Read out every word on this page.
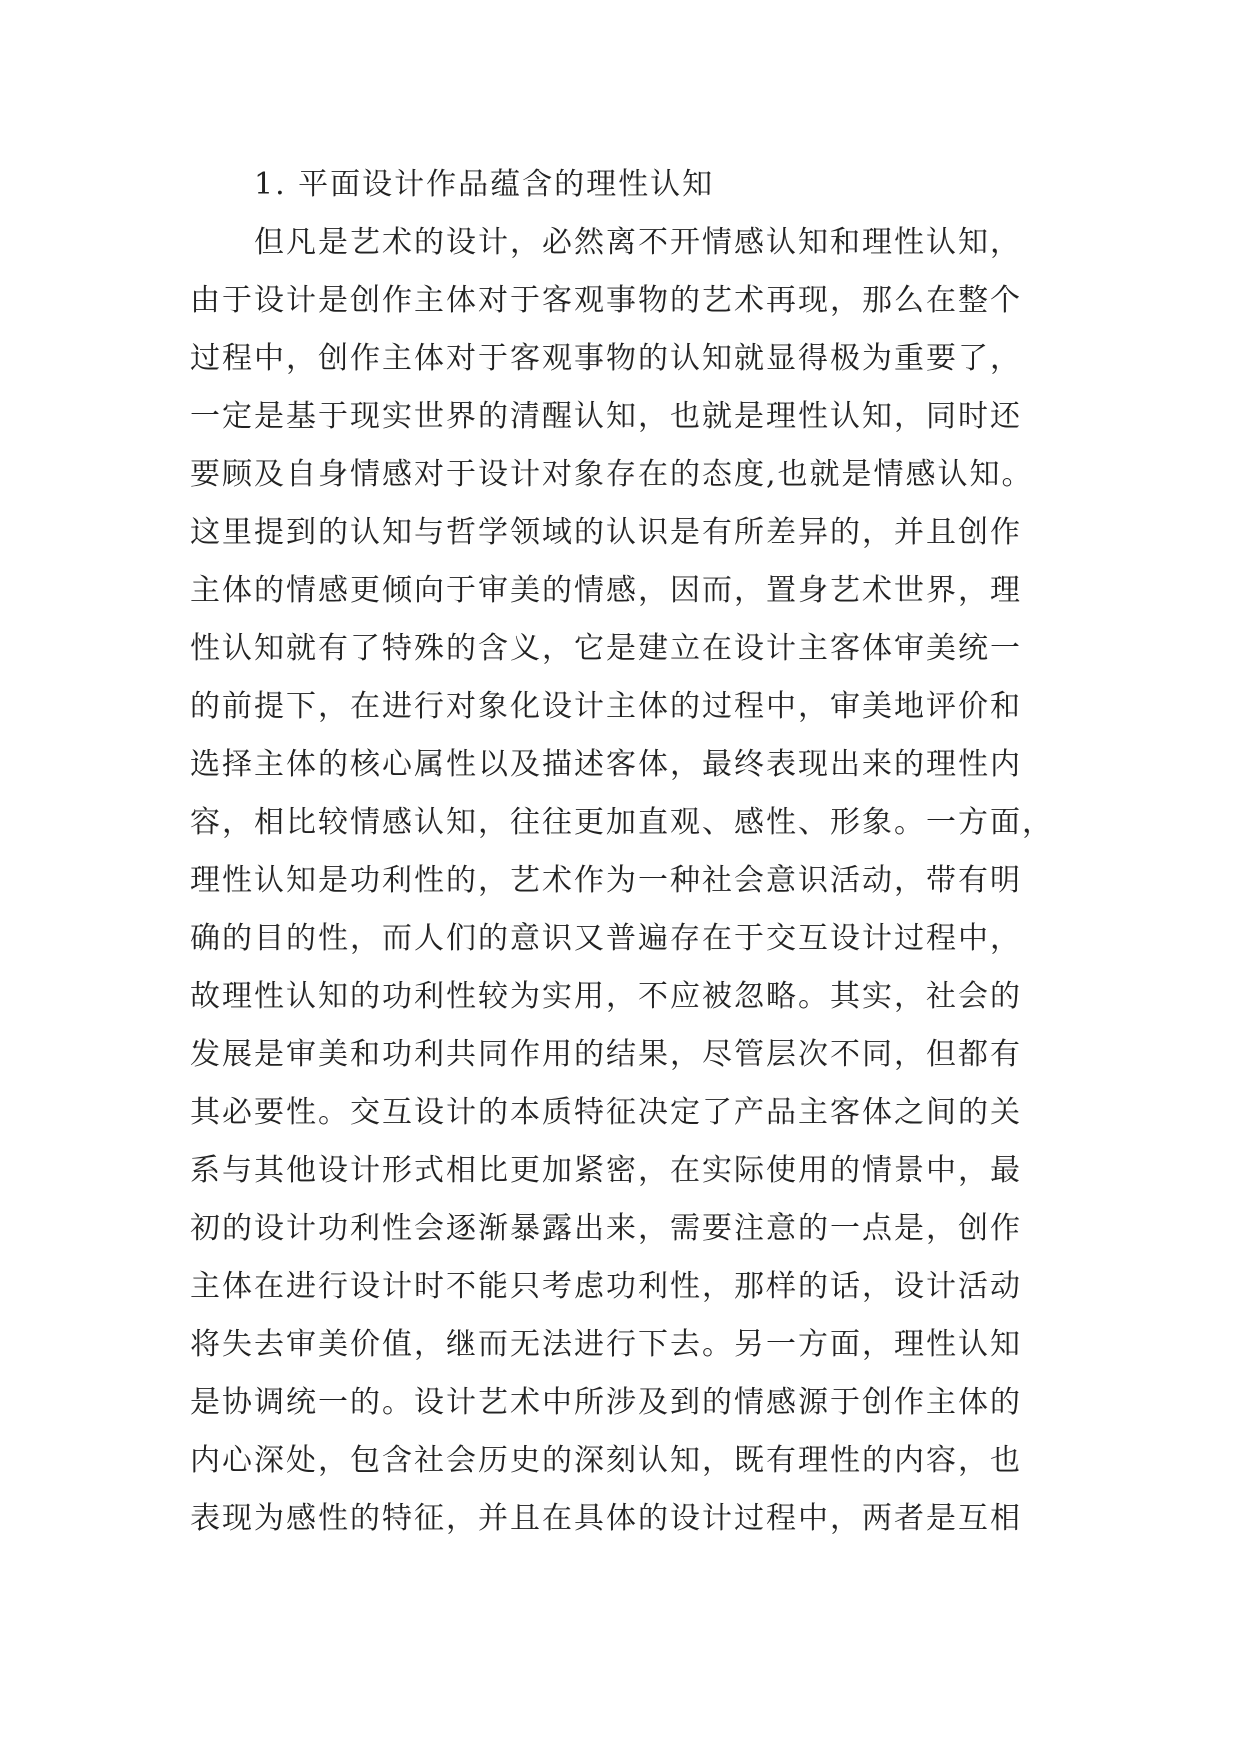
1. 平面设计作品蕴含的理性认知
但凡是艺术的设计，必然离不开情感认知和理性认知，
由于设计是创作主体对于客观事物的艺术再现，那么在整个
过程中，创作主体对于客观事物的认知就显得极为重要了，
一定是基于现实世界的清醒认知，也就是理性认知，同时还
要顾及自身情感对于设计对象存在的态度,也就是情感认知。
这里提到的认知与哲学领域的认识是有所差异的，并且创作
主体的情感更倾向于审美的情感，因而，置身艺术世界，理
性认知就有了特殊的含义，它是建立在设计主客体审美统一
的前提下，在进行对象化设计主体的过程中，审美地评价和
选择主体的核心属性以及描述客体，最终表现出来的理性内
容，相比较情感认知，往往更加直观、感性、形象。一方面，
理性认知是功利性的，艺术作为一种社会意识活动，带有明
确的目的性，而人们的意识又普遍存在于交互设计过程中，
故理性认知的功利性较为实用，不应被忽略。其实，社会的
发展是审美和功利共同作用的结果，尽管层次不同，但都有
其必要性。交互设计的本质特征决定了产品主客体之间的关
系与其他设计形式相比更加紧密，在实际使用的情景中，最
初的设计功利性会逐渐暴露出来，需要注意的一点是，创作
主体在进行设计时不能只考虑功利性，那样的话，设计活动
将失去审美价值，继而无法进行下去。另一方面，理性认知
是协调统一的。设计艺术中所涉及到的情感源于创作主体的
内心深处，包含社会历史的深刻认知，既有理性的内容，也
表现为感性的特征，并且在具体的设计过程中，两者是互相
